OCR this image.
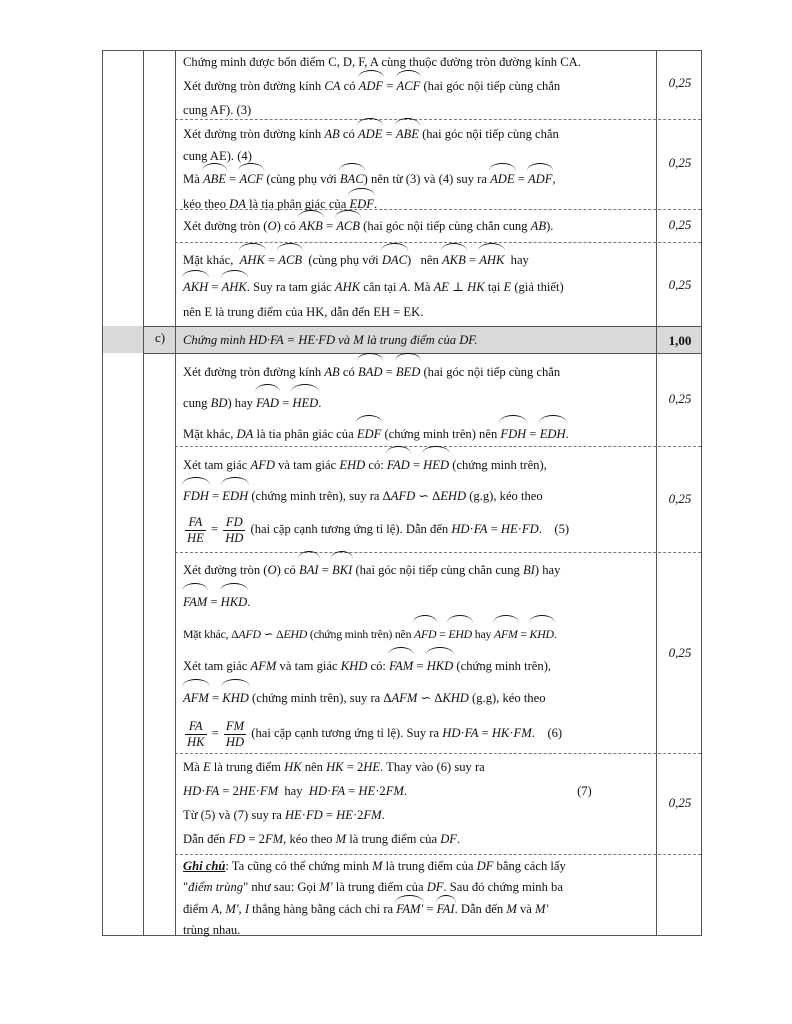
Chứng minh được bốn điểm C, D, F, A cùng thuộc đường tròn đường kính CA.
Xét đường tròn đường kính CA có ADF = ACF (hai góc nội tiếp cùng chắn
cung AF). (3)
0,25
Xét đường tròn đường kính AB có ADE = ABE (hai góc nội tiếp cùng chắn
cung AE). (4)
Mà ABE = ACF (cùng phụ với BAC) nên từ (3) và (4) suy ra ADE = ADF,
kéo theo DA là tia phân giác của EDF.
0,25
Xét đường tròn (O) có AKB = ACB (hai góc nội tiếp cùng chắn cung AB).	0,25
Mặt khác,  AHK = ACB  (cùng phụ với DAC)   nên AKB = AHK  hay
AKH = AHK. Suy ra tam giác AHK cân tại A. Mà AE ⊥ HK tại E (giả thiết)
nên E là trung điểm của HK, dẫn đến EH = EK.
0,25
c)	Chứng minh HD·FA = HE·FD và M là trung điểm của DF.	1,00
Xét đường tròn đường kính AB có BAD = BED (hai góc nội tiếp cùng chắn
cung BD) hay FAD = HED.
Mặt khác, DA là tia phân giác của EDF (chứng minh trên) nên FDH = EDH.
0,25
Xét tam giác AFD và tam giác EHD có: FAD = HED (chứng minh trên),
FDH = EDH (chứng minh trên), suy ra ΔAFD ∽ ΔEHD (g.g), kéo theo
$\frac{FA}{HE} = \frac{FD}{HD} (hai$ cặp cạnh tương ứng tỉ lệ). Dẫn đến HD·FA = HE·FD.    (5)
0,25
Xét đường tròn (O) có BAI = BKI (hai góc nội tiếp cùng chắn cung BI) hay
FAM = HKD.
Mặt khác, ΔAFD ∽ ΔEHD (chứng minh trên) nên AFD = EHD hay AFM = KHD.
Xét tam giác AFM và tam giác KHD có: FAM = HKD (chứng minh trên),
AFM = KHD (chứng minh trên), suy ra ΔAFM ∽ ΔKHD (g.g), kéo theo
$\frac{FA}{HK} = \frac{FM}{HD} (hai$ cặp cạnh tương ứng tỉ lệ). Suy ra HD·FA = HK·FM.    (6)
0,25
Mà E là trung điểm HK nên HK = 2HE. Thay vào (6) suy ra
HD·FA = 2HE·FM  hay  HD·FA = HE·2FM.	(7)
Từ (5) và (7) suy ra HE·FD = HE·2FM.
Dẫn đến FD = 2FM, kéo theo M là trung điểm của DF.
0,25
Ghi chú: Ta cũng có thể chứng minh M là trung điểm của DF bằng cách lấy
"điểm trùng" như sau: Gọi M' là trung điểm của DF. Sau đó chứng minh ba
điểm A, M', I thẳng hàng bằng cách chỉ ra FAM' = FAI. Dẫn đến M và M'
trùng nhau.
